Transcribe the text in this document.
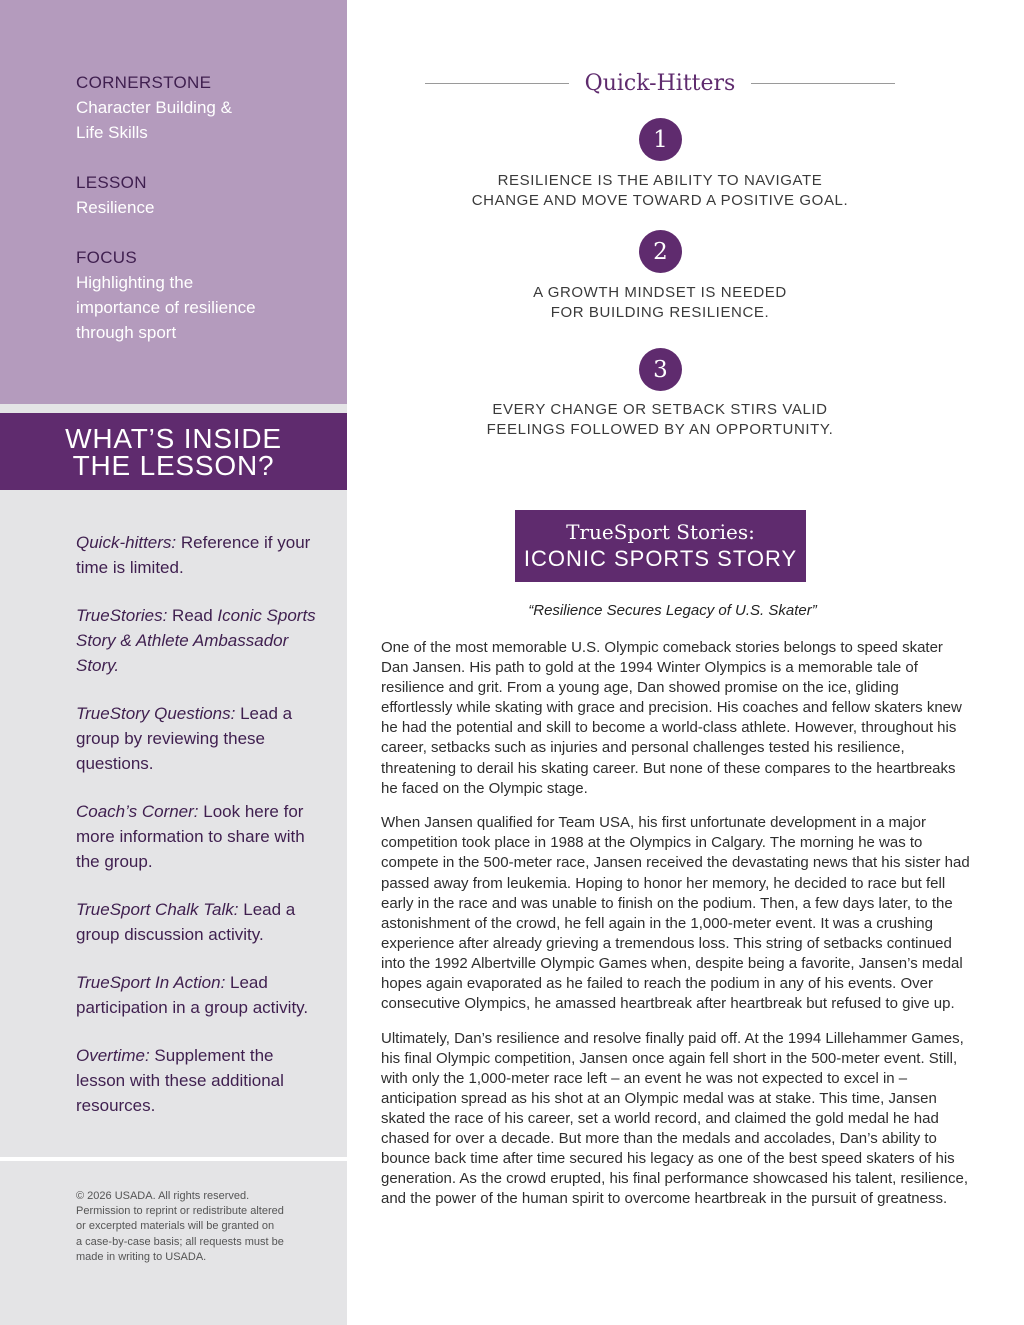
CORNERSTONE
Character Building &
Life Skills
LESSON
Resilience
FOCUS
Highlighting the
importance of resilience
through sport
WHAT’S INSIDE
THE LESSON?
Quick-hitters: Reference if your time is limited.
TrueStories: Read Iconic Sports Story & Athlete Ambassador Story.
TrueStory Questions: Lead a group by reviewing these questions.
Coach’s Corner: Look here for more information to share with the group.
TrueSport Chalk Talk: Lead a group discussion activity.
TrueSport In Action: Lead participation in a group activity.
Overtime: Supplement the lesson with these additional resources.
© 2026 USADA. All rights reserved.
Permission to reprint or redistribute altered
or excerpted materials will be granted on
a case-by-case basis; all requests must be
made in writing to USADA.
Quick-Hitters
1
RESILIENCE IS THE ABILITY TO NAVIGATE
CHANGE AND MOVE TOWARD A POSITIVE GOAL.
2
A GROWTH MINDSET IS NEEDED
FOR BUILDING RESILIENCE.
3
EVERY CHANGE OR SETBACK STIRS VALID
FEELINGS FOLLOWED BY AN OPPORTUNITY.
TrueSport Stories:
ICONIC SPORTS STORY
“Resilience Secures Legacy of U.S. Skater”

One of the most memorable U.S. Olympic comeback stories belongs to speed skater Dan Jansen. His path to gold at the 1994 Winter Olympics is a memorable tale of resilience and grit. From a young age, Dan showed promise on the ice, gliding effortlessly while skating with grace and precision. His coaches and fellow skaters knew he had the potential and skill to become a world-class athlete. However, throughout his career, setbacks such as injuries and personal challenges tested his resilience, threatening to derail his skating career. But none of these compares to the heartbreaks he faced on the Olympic stage.

When Jansen qualified for Team USA, his first unfortunate development in a major competition took place in 1988 at the Olympics in Calgary. The morning he was to compete in the 500-meter race, Jansen received the devastating news that his sister had passed away from leukemia. Hoping to honor her memory, he decided to race but fell early in the race and was unable to finish on the podium. Then, a few days later, to the astonishment of the crowd, he fell again in the 1,000-meter event. It was a crushing experience after already grieving a tremendous loss. This string of setbacks continued into the 1992 Albertville Olympic Games when, despite being a favorite, Jansen’s medal hopes again evaporated as he failed to reach the podium in any of his events. Over consecutive Olympics, he amassed heartbreak after heartbreak but refused to give up.

Ultimately, Dan’s resilience and resolve finally paid off. At the 1994 Lillehammer Games, his final Olympic competition, Jansen once again fell short in the 500-meter event. Still, with only the 1,000-meter race left – an event he was not expected to excel in – anticipation spread as his shot at an Olympic medal was at stake. This time, Jansen skated the race of his career, set a world record, and claimed the gold medal he had chased for over a decade. But more than the medals and accolades, Dan’s ability to bounce back time after time secured his legacy as one of the best speed skaters of his generation. As the crowd erupted, his final performance showcased his talent, resilience, and the power of the human spirit to overcome heartbreak in the pursuit of greatness.
